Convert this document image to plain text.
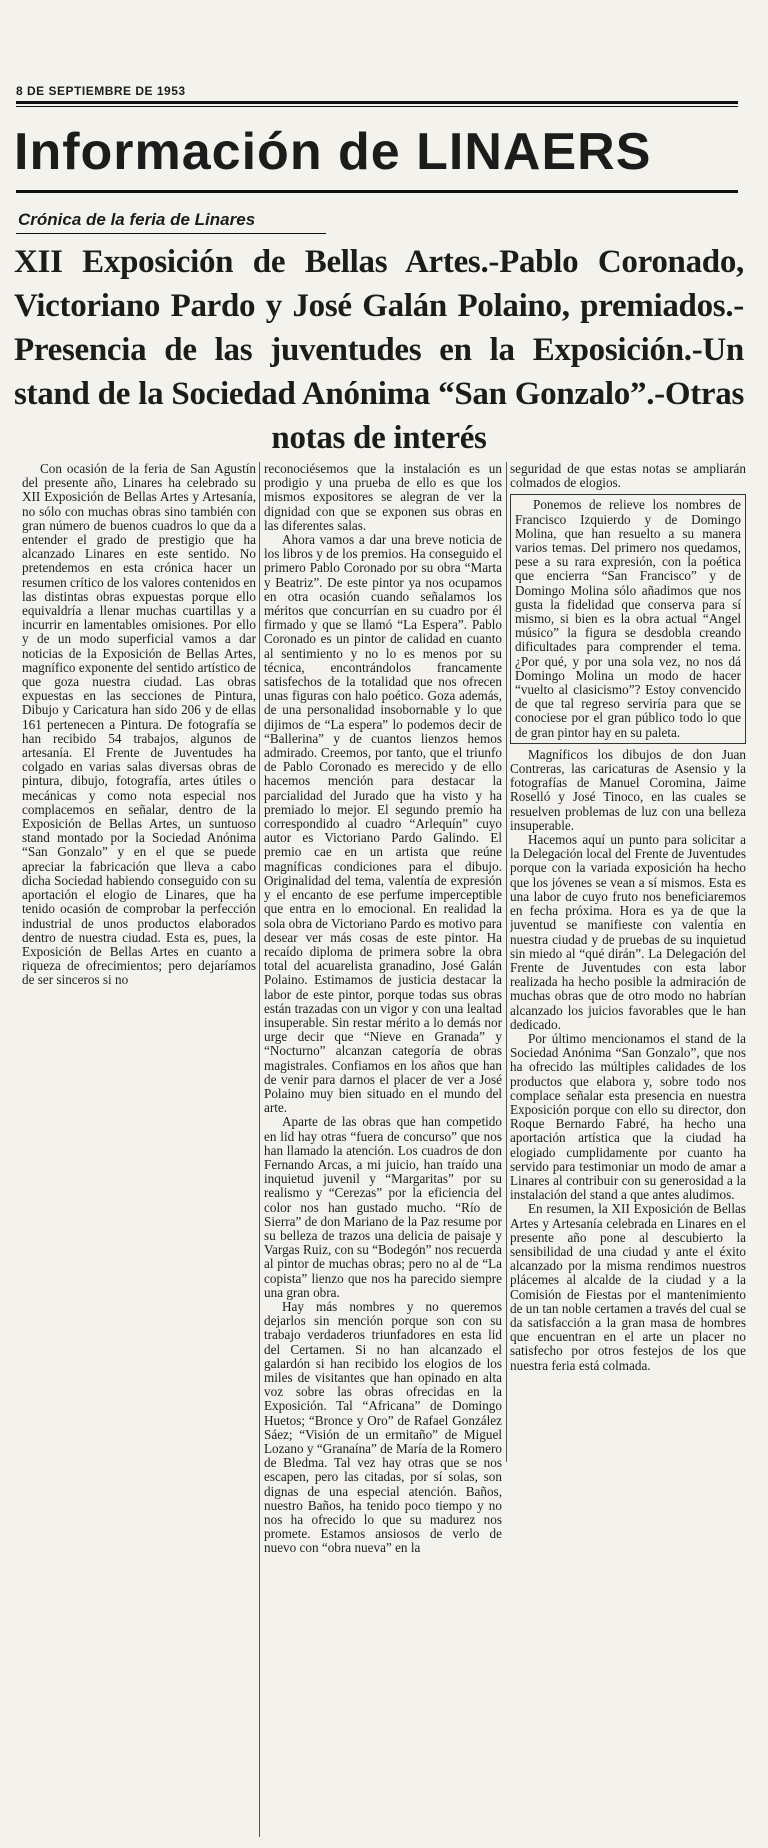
8 DE SEPTIEMBRE DE 1953
Información de LINAERS
Crónica de la feria de Linares
XII Exposición de Bellas Artes.-Pablo Coronado, Victoriano Pardo y José Galán Polaino, premiados.-Presencia de las juventudes en la Exposición.-Un stand de la Sociedad Anónima “San Gonzalo”.-Otras notas de interés

Con ocasión de la feria de San Agustín del presente año, Linares ha celebrado su XII Exposición de Bellas Artes y Artesanía, no sólo con muchas obras sino también con gran número de buenos cuadros lo que da a entender el grado de prestigio que ha alcanzado Linares en este sentido. No pretendemos en esta crónica hacer un resumen crítico de los valores contenidos en las distintas obras expuestas porque ello equivaldría a llenar muchas cuartillas y a incurrir en lamentables omisiones. Por ello y de un modo superficial vamos a dar noticias de la Exposición de Bellas Artes, magnífico exponente del sentido artístico de que goza nuestra ciudad. Las obras expuestas en las secciones de Pintura, Dibujo y Caricatura han sido 206 y de ellas 161 pertenecen a Pintura. De fotografía se han recibido 54 trabajos, algunos de artesanía. El Frente de Juventudes ha colgado en varias salas diversas obras de pintura, dibujo, fotografía, artes útiles o mecánicas y como nota especial nos complacemos en señalar, dentro de la Exposición de Bellas Artes, un suntuoso stand montado por la Sociedad Anónima “San Gonzalo” y en el que se puede apreciar la fabricación que lleva a cabo dicha Sociedad habiendo conseguido con su aportación el elogio de Linares, que ha tenido ocasión de comprobar la perfección industrial de unos productos elaborados dentro de nuestra ciudad. Esta es, pues, la Exposición de Bellas Artes en cuanto a riqueza de ofrecimientos; pero dejaríamos de ser sinceros si no

reconociésemos que la instalación es un prodigio y una prueba de ello es que los mismos expositores se alegran de ver la dignidad con que se exponen sus obras en las diferentes salas.

Ahora vamos a dar una breve noticia de los libros y de los premios. Ha conseguido el primero Pablo Coronado por su obra “Marta y Beatriz”. De este pintor ya nos ocupamos en otra ocasión cuando señalamos los méritos que concurrían en su cuadro por él firmado y que se llamó “La Espera”. Pablo Coronado es un pintor de calidad en cuanto al sentimiento y no lo es menos por su técnica, encontrándolos francamente satisfechos de la totalidad que nos ofrecen unas figuras con halo poético. Goza además, de una personalidad insobornable y lo que dijimos de “La espera” lo podemos decir de “Ballerina” y de cuantos lienzos hemos admirado. Creemos, por tanto, que el triunfo de Pablo Coronado es merecido y de ello hacemos mención para destacar la parcialidad del Jurado que ha visto y ha premiado lo mejor. El segundo premio ha correspondido al cuadro “Arlequín” cuyo autor es Victoriano Pardo Galindo. El premio cae en un artista que reúne magníficas condiciones para el dibujo. Originalidad del tema, valentía de expresión y el encanto de ese perfume imperceptible que entra en lo emocional. En realidad la sola obra de Victoriano Pardo es motivo para desear ver más cosas de este pintor. Ha recaído diploma de primera sobre la obra total del acuarelista granadino, José Galán Polaino. Estimamos de justicia destacar la labor de este pintor, porque todas sus obras están trazadas con un vigor y con una lealtad insuperable. Sin restar mérito a lo demás nor urge decir que “Nieve en Granada” y “Nocturno” alcanzan categoría de obras magistrales. Confiamos en los años que han de venir para darnos el placer de ver a José Polaino muy bien situado en el mundo del arte.

Aparte de las obras que han competido en lid hay otras “fuera de concurso” que nos han llamado la atención. Los cuadros de don Fernando Arcas, a mi juicio, han traído una inquietud juvenil y “Margaritas” por su realismo y “Cerezas” por la eficiencia del color nos han gustado mucho. “Río de Sierra” de don Mariano de la Paz resume por su belleza de trazos una delicia de paisaje y Vargas Ruiz, con su “Bodegón” nos recuerda al pintor de muchas obras; pero no al de “La copista” lienzo que nos ha parecido siempre una gran obra.

Hay más nombres y no queremos dejarlos sin mención porque son con su trabajo verdaderos triunfadores en esta lid del Certamen. Si no han alcanzado el galardón si han recibido los elogios de los miles de visitantes que han opinado en alta voz sobre las obras ofrecidas en la Exposición. Tal “Africana” de Domingo Huetos; “Bronce y Oro” de Rafael González Sáez; “Visión de un ermitaño” de Miguel Lozano y “Granaína” de María de la Romero de Bledma. Tal vez hay otras que se nos escapen, pero las citadas, por sí solas, son dignas de una especial atención. Baños, nuestro Baños, ha tenido poco tiempo y no nos ha ofrecido lo que su madurez nos promete. Estamos ansiosos de verlo de nuevo con “obra nueva” en la

seguridad de que estas notas se ampliarán colmados de elogios.

Ponemos de relieve los nombres de Francisco Izquierdo y de Domingo Molina, que han resuelto a su manera varios temas. Del primero nos quedamos, pese a su rara expresión, con la poética que encierra “San Francisco” y de Domingo Molina sólo añadimos que nos gusta la fidelidad que conserva para sí mismo, si bien es la obra actual “Angel músico” la figura se desdobla creando dificultades para comprender el tema. ¿Por qué, y por una sola vez, no nos dá Domingo Molina un modo de hacer “vuelto al clasicismo”? Estoy convencido de que tal regreso serviría para que se conociese por el gran público todo lo que de gran pintor hay en su paleta.

Magníficos los dibujos de don Juan Contreras, las caricaturas de Asensio y la fotografías de Manuel Coromina, Jaime Roselló y José Tinoco, en las cuales se resuelven problemas de luz con una belleza insuperable.

Hacemos aquí un punto para solicitar a la Delegación local del Frente de Juventudes porque con la variada exposición ha hecho que los jóvenes se vean a sí mismos. Esta es una labor de cuyo fruto nos beneficiaremos en fecha próxima. Hora es ya de que la juventud se manifieste con valentía en nuestra ciudad y de pruebas de su inquietud sin miedo al “qué dirán”. La Delegación del Frente de Juventudes con esta labor realizada ha hecho posible la admiración de muchas obras que de otro modo no habrían alcanzado los juicios favorables que le han dedicado.

Por último mencionamos el stand de la Sociedad Anónima “San Gonzalo”, que nos ha ofrecido las múltiples calidades de los productos que elabora y, sobre todo nos complace señalar esta presencia en nuestra Exposición porque con ello su director, don Roque Bernardo Fabré, ha hecho una aportación artística que la ciudad ha elogiado cumplidamente por cuanto ha servido para testimoniar un modo de amar a Linares al contribuir con su generosidad a la instalación del stand a que antes aludimos.

En resumen, la XII Exposición de Bellas Artes y Artesanía celebrada en Linares en el presente año pone al descubierto la sensibilidad de una ciudad y ante el éxito alcanzado por la misma rendimos nuestros plácemes al alcalde de la ciudad y a la Comisión de Fiestas por el mantenimiento de un tan noble certamen a través del cual se da satisfacción a la gran masa de hombres que encuentran en el arte un placer no satisfecho por otros festejos de los que nuestra feria está colmada.
